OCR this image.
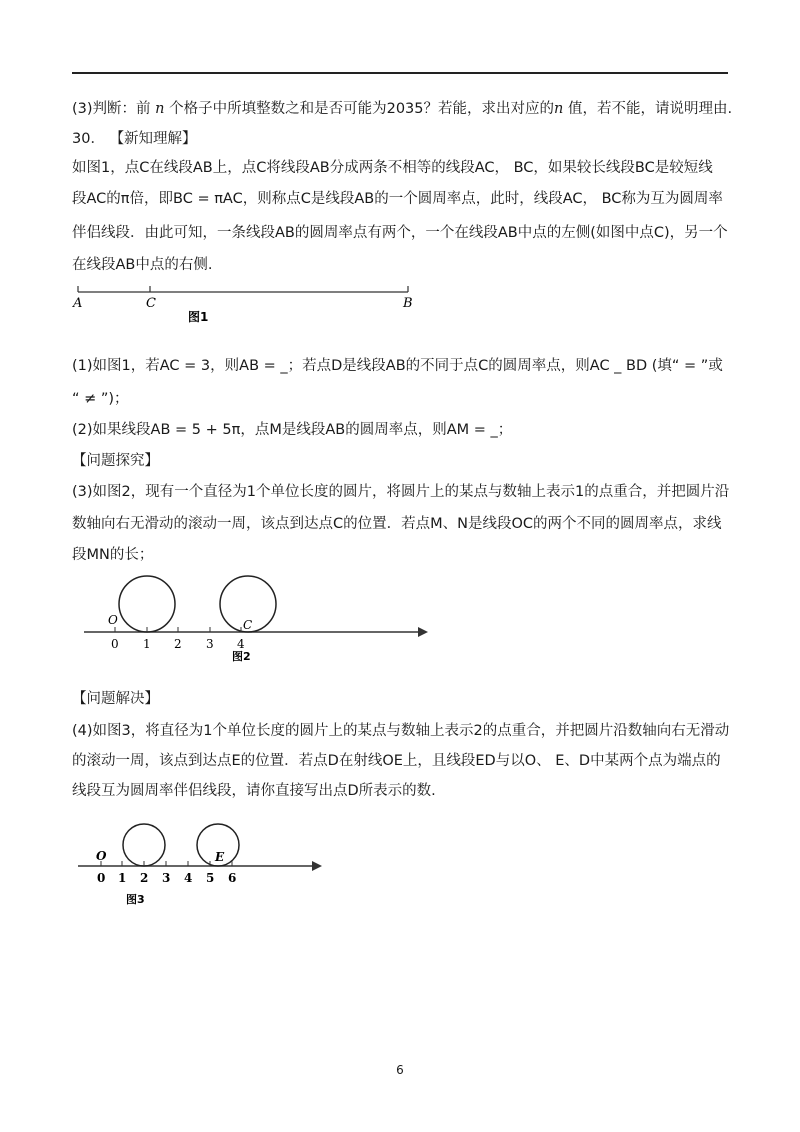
(3)判断：前 n 个格子中所填整数之和是否可能为2035？若能，求出对应的n 值，若不能，请说明理由.
30． 【新知理解】
如图1，点C在线段AB上，点C将线段AB分成两条不相等的线段AC， BC，如果较长线段BC是较短线
段AC的π倍，即BC = πAC，则称点C是线段AB的一个圆周率点，此时，线段AC， BC称为互为圆周率
伴侣线段．由此可知，一条线段AB的圆周率点有两个，一个在线段AB中点的左侧(如图中点C)，另一个
在线段AB中点的右侧.
A	C	B
图1
(1)如图1，若AC = 3，则AB = _；若点D是线段AB的不同于点C的圆周率点，则AC _ BD (填“ = ”或
“ ≠ ”)；
(2)如果线段AB = 5 + 5π，点M是线段AB的圆周率点，则AM = _；
【问题探究】
(3)如图2，现有一个直径为1个单位长度的圆片，将圆片上的某点与数轴上表示1的点重合，并把圆片沿
数轴向右无滑动的滚动一周，该点到达点C的位置．若点M、N是线段OC的两个不同的圆周率点，求线
段MN的长；
O	C
0 1 2 3 4
图2
【问题解决】
(4)如图3，将直径为1个单位长度的圆片上的某点与数轴上表示2的点重合，并把圆片沿数轴向右无滑动
的滚动一周，该点到达点E的位置．若点D在射线OE上，且线段ED与以O、 E、D中某两个点为端点的
线段互为圆周率伴侣线段，请你直接写出点D所表示的数.
O	E
0 1 2 3 4 5 6
图3
6
